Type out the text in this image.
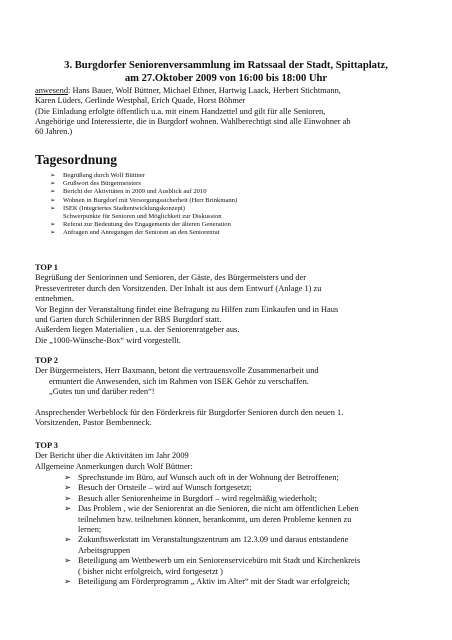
3. Burgdorfer Seniorenversammlung im Ratssaal der Stadt, Spittaplatz,
am 27.Oktober 2009 von 16:00 bis 18:00 Uhr
anwesend: Hans Bauer, Wolf Büttner, Michael Ethner, Hartwig Laack, Herbert Stichtmann,
Karen Lüders, Gerlinde Westphal, Erich Quade, Horst Böhmer
(Die Einladung erfolgte öffentlich u.a. mit einem Handzettel und gilt für alle Senioren,
Angehörige und Interessierte, die in Burgdorf wohnen. Wahlberechtigt sind alle Einwohner ab
60 Jahren.)
Tagesordnung
➢ Begrüßung durch Wolf Büttner
➢ Grußwort des Bürgermeisters
➢ Bericht der Aktivitäten in 2009 und Ausblick auf 2010
➢ Wohnen in Burgdorf mit Versorgungssicherheit (Herr Brinkmann)
➢ ISEK (Integriertes Stadtentwicklungskonzept)
Schwerpunkte für Senioren und Möglichkeit zur Diskussion
➢ Referat zur Bedeutung des Engagements der älteren Generation
➢ Anfragen und Anregungen der Senioren an den Seniorenrat
TOP 1
Begrüßung der Seniorinnen und Senioren, der Gäste, des Bürgermeisters und der
Pressevertreter durch den Vorsitzenden. Der Inhalt ist aus dem Entwurf (Anlage 1) zu
entnehmen.
Vor Beginn der Veranstaltung findet eine Befragung zu Hilfen zum Einkaufen und in Haus
und Garten durch Schülerinnen der BBS Burgdorf statt.
Außerdem liegen Materialien , u.a. der Seniorenratgeber aus.
Die „1000-Wünsche-Box“ wird vorgestellt.
TOP 2
Der Bürgermeisters, Herr Baxmann, betont die vertrauensvolle Zusammenarbeit und
ermuntert die Anwesenden, sich im Rahmen von ISEK Gehör zu verschaffen.
„Gutes tun und darüber reden“!
Ansprechender Werbeblock für den Förderkreis für Burgdorfer Senioren durch den neuen 1.
Vorsitzenden, Pastor Bembenneck.
TOP 3
Der Bericht über die Aktivitäten im Jahr 2009
Allgemeine Anmerkungen durch Wolf Büttner:
➢ Sprechstunde im Büro, auf Wunsch auch oft in der Wohnung der Betroffenen;
➢ Besuch der Ortsteile – wird auf Wunsch fortgesetzt;
➢ Besuch aller Seniorenheime in Burgdorf – wird regelmäßig wiederholt;
➢ Das Problem , wie der Seniorenrat an die Senioren, die nicht am öffentlichen Leben
teilnehmen bzw. teilnehmen können, herankommt, um deren Probleme kennen zu
lernen;
➢ Zukunftswerkstatt im Veranstaltungszentrum am 12.3.09 und daraus entstandene
Arbeitsgruppen
➢ Beteiligung am Wettbewerb um ein Seniorenservicebüro mit Stadt und Kirchenkreis
( bisher nicht erfolgreich, wird fortgesetzt )
➢ Beteiligung am Förderprogramm „ Aktiv im Alter“ mit der Stadt war erfolgreich;
